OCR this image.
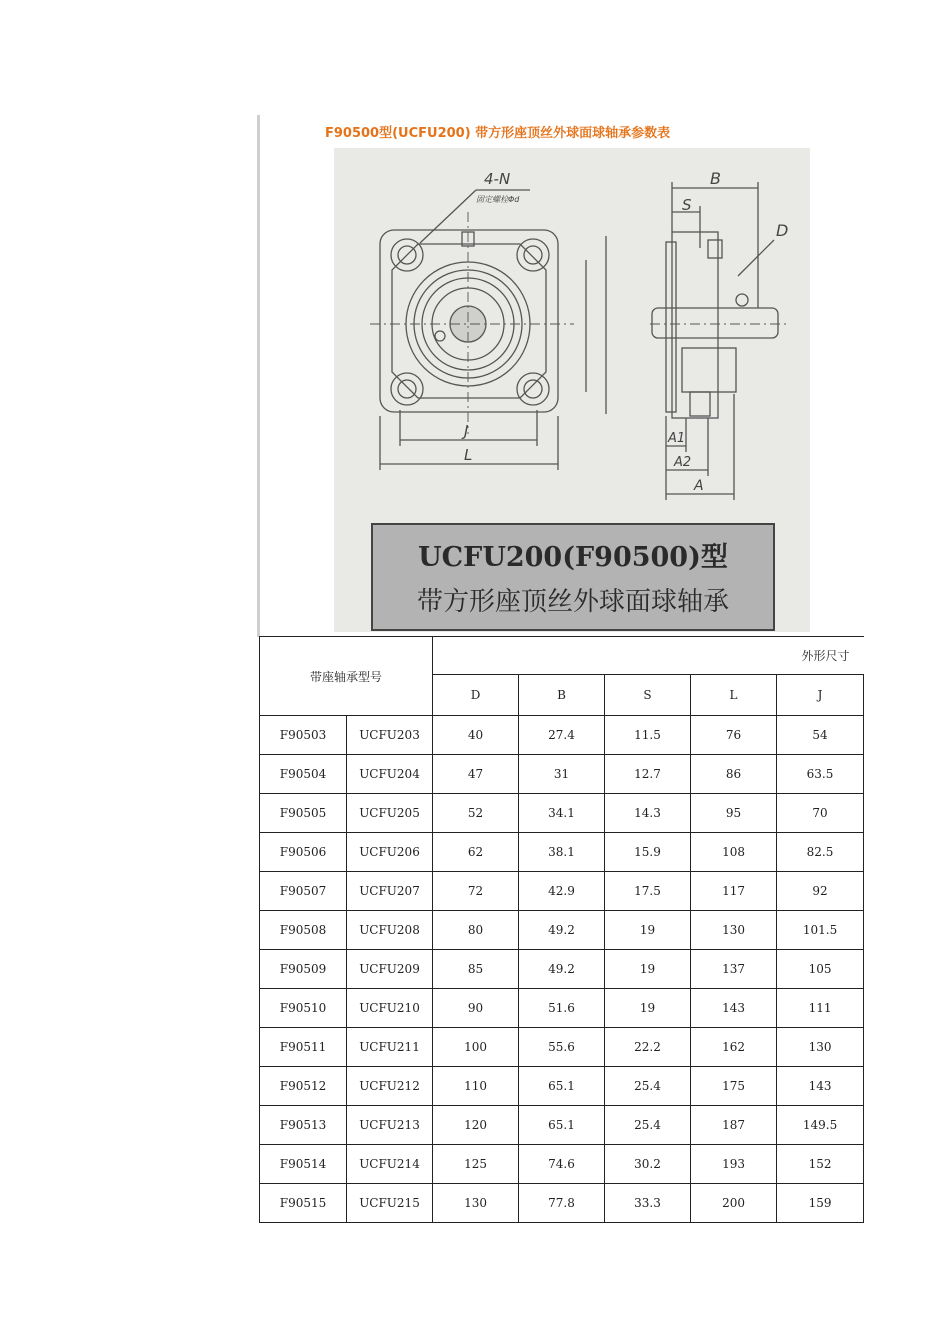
F90500型(UCFU200) 带方形座顶丝外球面球轴承参数表
4-N
固定螺栓Φd
J
L
B
S
D
A1
A2
A
UCFU200(F90500)型
带方形座顶丝外球面球轴承
带座轴承型号		外形尺寸				
		D	B	S	L	J
F90503	UCFU203	40	27.4	11.5	76	54
F90504	UCFU204	47	31	12.7	86	63.5
F90505	UCFU205	52	34.1	14.3	95	70
F90506	UCFU206	62	38.1	15.9	108	82.5
F90507	UCFU207	72	42.9	17.5	117	92
F90508	UCFU208	80	49.2	19	130	101.5
F90509	UCFU209	85	49.2	19	137	105
F90510	UCFU210	90	51.6	19	143	111
F90511	UCFU211	100	55.6	22.2	162	130
F90512	UCFU212	110	65.1	25.4	175	143
F90513	UCFU213	120	65.1	25.4	187	149.5
F90514	UCFU214	125	74.6	30.2	193	152
F90515	UCFU215	130	77.8	33.3	200	159
